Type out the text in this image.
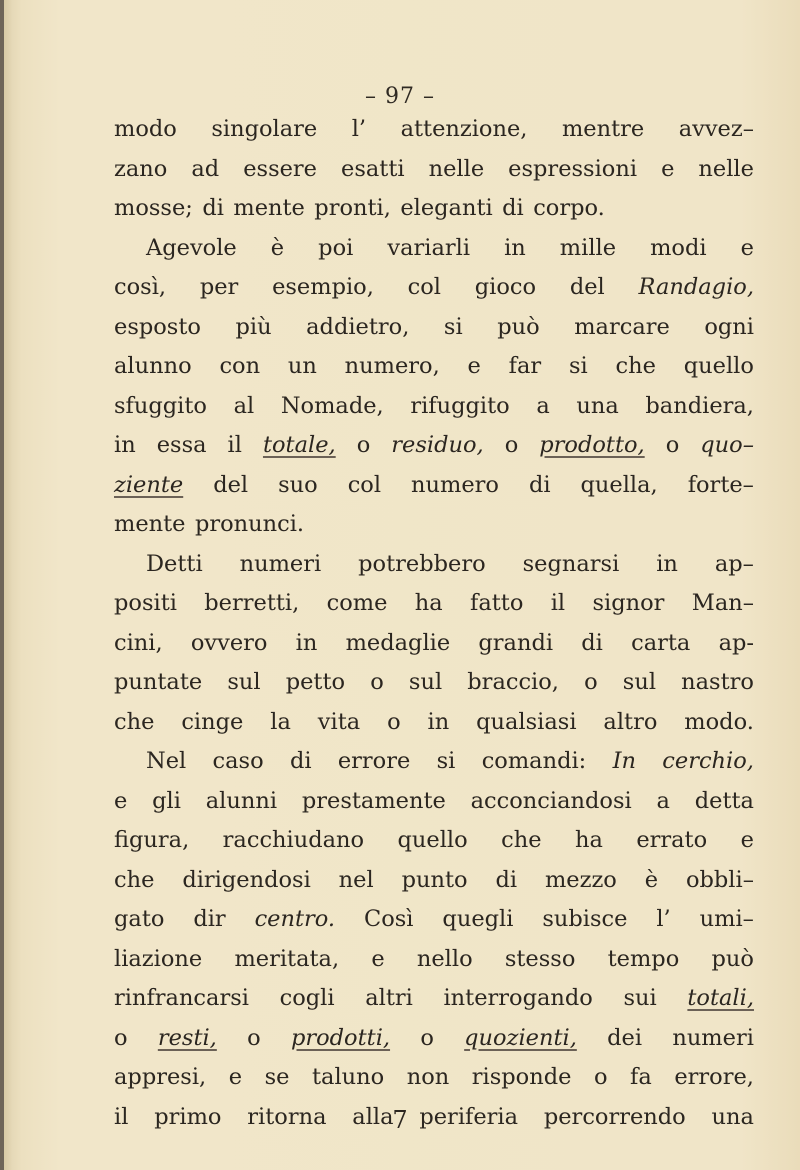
– 97 –
modo singolare l’ attenzione, mentre avvez–
zano ad essere esatti nelle espressioni e nelle
mosse; di mente pronti, eleganti di corpo.
Agevole è poi variarli in mille modi e
così, per esempio, col gioco del Randagio,
esposto più addietro, si può marcare ogni
alunno con un numero, e far si che quello
sfuggito al Nomade, rifuggito a una bandiera,
in essa il totale, o residuo, o prodotto, o quo–
ziente del suo col numero di quella, forte–
mente pronunci.
Detti numeri potrebbero segnarsi in ap–
positi berretti, come ha fatto il signor Man–
cini, ovvero in medaglie grandi di carta ap-
puntate sul petto o sul braccio, o sul nastro
che cinge la vita o in qualsiasi altro modo.
Nel caso di errore si comandi: In cerchio,
e gli alunni prestamente acconciandosi a detta
figura, racchiudano quello che ha errato e
che dirigendosi nel punto di mezzo è obbli–
gato dir centro. Così quegli subisce l’ umi–
liazione meritata, e nello stesso tempo può
rinfrancarsi cogli altri interrogando sui totali,
o resti, o prodotti, o quozienti, dei numeri
appresi, e se taluno non risponde o fa errore,
il primo ritorna alla periferia percorrendo una
7
